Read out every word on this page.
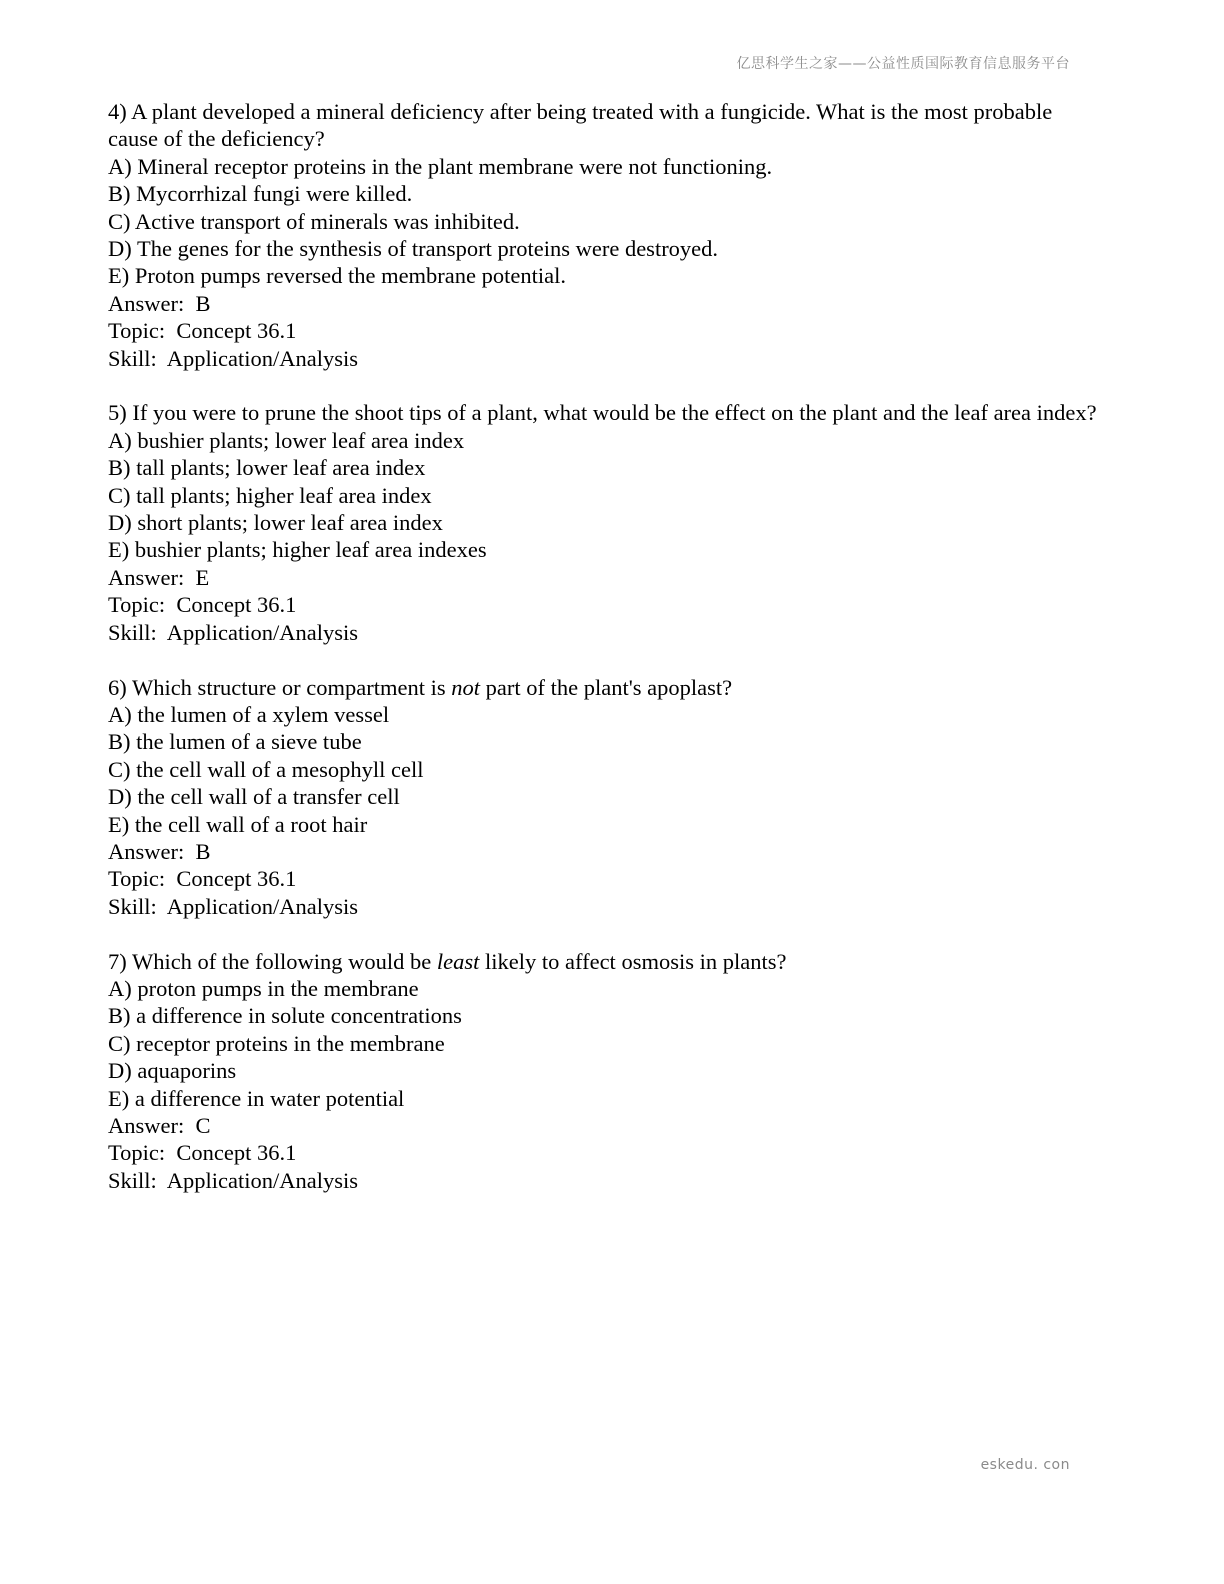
亿思科学生之家——公益性质国际教育信息服务平台

4) A plant developed a mineral deficiency after being treated with a fungicide. What is the most probable cause of the deficiency?

A) Mineral receptor proteins in the plant membrane were not functioning.

B) Mycorrhizal fungi were killed.

C) Active transport of minerals was inhibited.

D) The genes for the synthesis of transport proteins were destroyed.

E) Proton pumps reversed the membrane potential.

Answer:  B

Topic:  Concept 36.1

Skill:  Application/Analysis

5) If you were to prune the shoot tips of a plant, what would be the effect on the plant and the leaf area index?

A) bushier plants; lower leaf area index

B) tall plants; lower leaf area index

C) tall plants; higher leaf area index

D) short plants; lower leaf area index

E) bushier plants; higher leaf area indexes

Answer:  E

Topic:  Concept 36.1

Skill:  Application/Analysis

6) Which structure or compartment is not part of the plant's apoplast?

A) the lumen of a xylem vessel

B) the lumen of a sieve tube

C) the cell wall of a mesophyll cell

D) the cell wall of a transfer cell

E) the cell wall of a root hair

Answer:  B

Topic:  Concept 36.1

Skill:  Application/Analysis

7) Which of the following would be least likely to affect osmosis in plants?

A) proton pumps in the membrane

B) a difference in solute concentrations

C) receptor proteins in the membrane

D) aquaporins

E) a difference in water potential

Answer:  C

Topic:  Concept 36.1

Skill:  Application/Analysis

eskedu. con
